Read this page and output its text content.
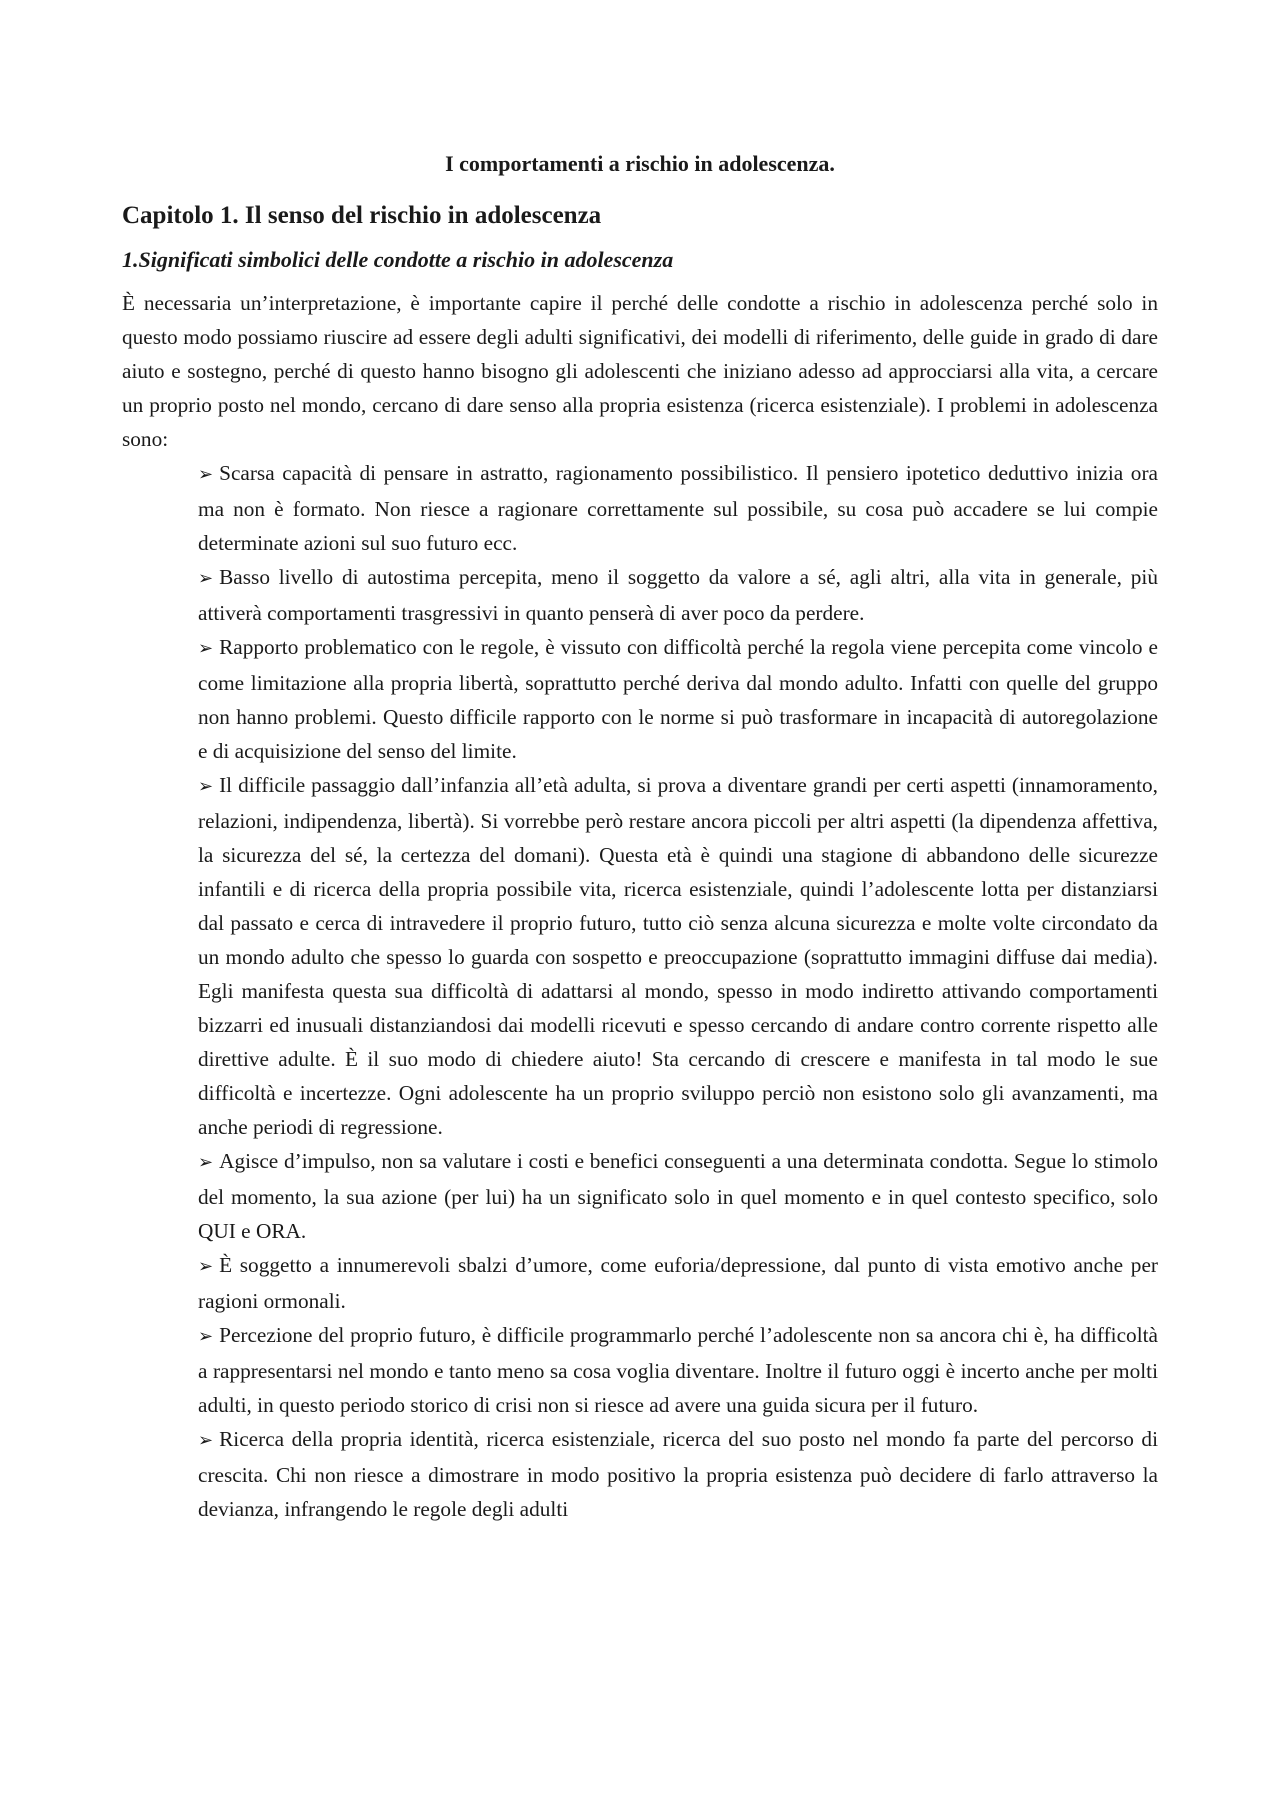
I comportamenti a rischio in adolescenza.
Capitolo 1. Il senso del rischio in adolescenza
1.Significati simbolici delle condotte a rischio in adolescenza

È necessaria un’interpretazione, è importante capire il perché delle condotte a rischio in adolescenza perché solo in questo modo possiamo riuscire ad essere degli adulti significativi, dei modelli di riferimento, delle guide in grado di dare aiuto e sostegno, perché di questo hanno bisogno gli adolescenti che iniziano adesso ad approcciarsi alla vita, a cercare un proprio posto nel mondo, cercano di dare senso alla propria esistenza (ricerca esistenziale). I problemi in adolescenza sono:

➢ Scarsa capacità di pensare in astratto, ragionamento possibilistico. Il pensiero ipotetico deduttivo inizia ora ma non è formato. Non riesce a ragionare correttamente sul possibile, su cosa può accadere se lui compie determinate azioni sul suo futuro ecc.
➢ Basso livello di autostima percepita, meno il soggetto da valore a sé, agli altri, alla vita in generale, più attiverà comportamenti trasgressivi in quanto penserà di aver poco da perdere.
➢ Rapporto problematico con le regole, è vissuto con difficoltà perché la regola viene percepita come vincolo e come limitazione alla propria libertà, soprattutto perché deriva dal mondo adulto. Infatti con quelle del gruppo non hanno problemi. Questo difficile rapporto con le norme si può trasformare in incapacità di autoregolazione e di acquisizione del senso del limite.
➢ Il difficile passaggio dall’infanzia all’età adulta, si prova a diventare grandi per certi aspetti (innamoramento, relazioni, indipendenza, libertà). Si vorrebbe però restare ancora piccoli per altri aspetti (la dipendenza affettiva, la sicurezza del sé, la certezza del domani). Questa età è quindi una stagione di abbandono delle sicurezze infantili e di ricerca della propria possibile vita, ricerca esistenziale, quindi l’adolescente lotta per distanziarsi dal passato e cerca di intravedere il proprio futuro, tutto ciò senza alcuna sicurezza e molte volte circondato da un mondo adulto che spesso lo guarda con sospetto e preoccupazione (soprattutto immagini diffuse dai media). Egli manifesta questa sua difficoltà di adattarsi al mondo, spesso in modo indiretto attivando comportamenti bizzarri ed inusuali distanziandosi dai modelli ricevuti e spesso cercando di andare contro corrente rispetto alle direttive adulte. È il suo modo di chiedere aiuto! Sta cercando di crescere e manifesta in tal modo le sue difficoltà e incertezze. Ogni adolescente ha un proprio sviluppo perciò non esistono solo gli avanzamenti, ma anche periodi di regressione.
➢ Agisce d’impulso, non sa valutare i costi e benefici conseguenti a una determinata condotta. Segue lo stimolo del momento, la sua azione (per lui) ha un significato solo in quel momento e in quel contesto specifico, solo QUI e ORA.
➢ È soggetto a innumerevoli sbalzi d’umore, come euforia/depressione, dal punto di vista emotivo anche per ragioni ormonali.
➢ Percezione del proprio futuro, è difficile programmarlo perché l’adolescente non sa ancora chi è, ha difficoltà a rappresentarsi nel mondo e tanto meno sa cosa voglia diventare. Inoltre il futuro oggi è incerto anche per molti adulti, in questo periodo storico di crisi non si riesce ad avere una guida sicura per il futuro.
➢ Ricerca della propria identità, ricerca esistenziale, ricerca del suo posto nel mondo fa parte del percorso di crescita. Chi non riesce a dimostrare in modo positivo la propria esistenza può decidere di farlo attraverso la devianza, infrangendo le regole degli adulti
